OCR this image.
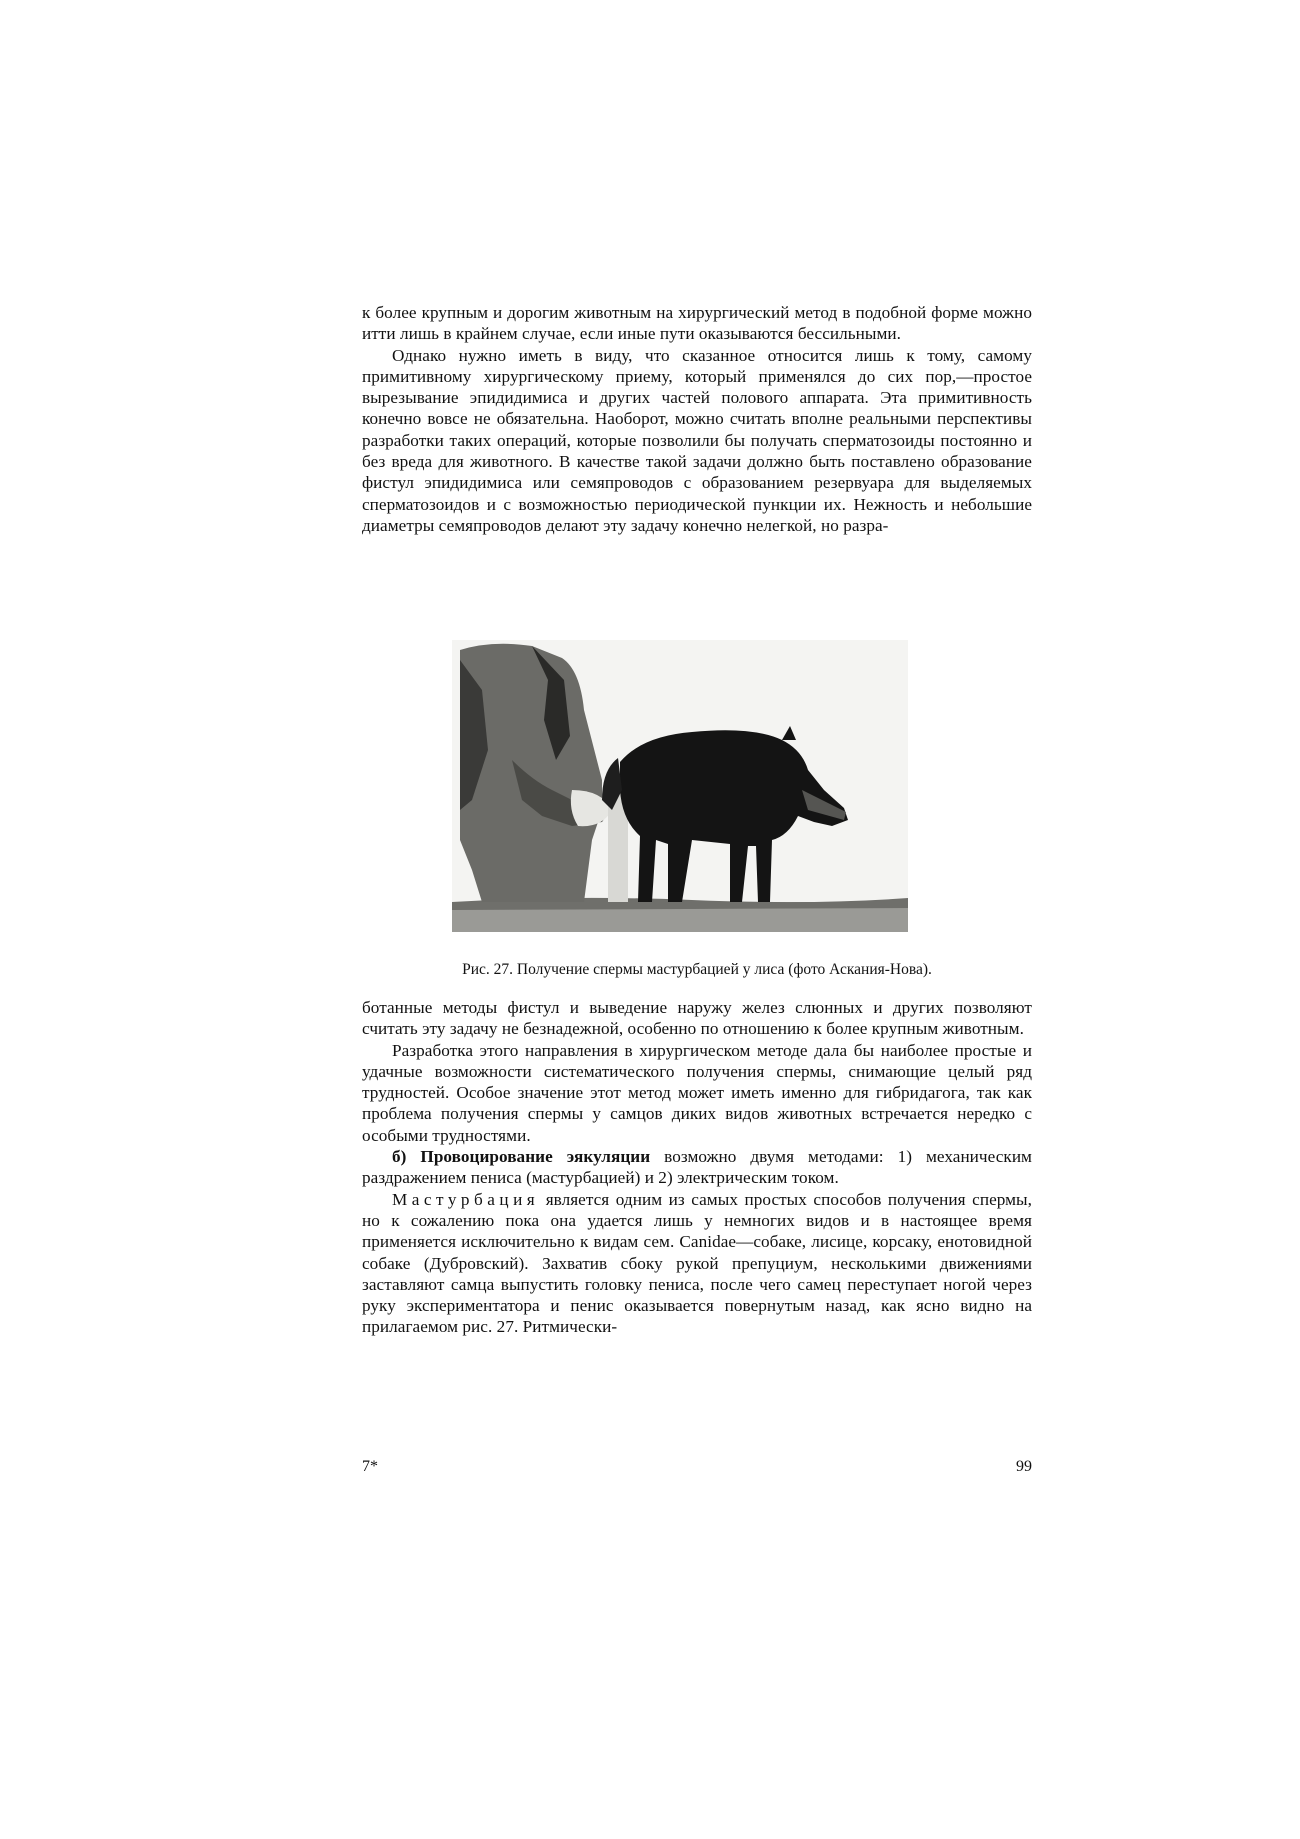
к более крупным и дорогим животным на хирургический метод в подобной форме можно итти лишь в крайнем случае, если иные пути оказываются бессильными.

Однако нужно иметь в виду, что сказанное относится лишь к тому, самому примитивному хирургическому приему, который применялся до сих пор,—простое вырезывание эпидидимиса и других частей полового аппарата. Эта примитивность конечно вовсе не обязательна. Наоборот, можно считать вполне реальными перспективы разработки таких операций, которые позволили бы получать сперматозоиды постоянно и без вреда для животного. В качестве такой задачи должно быть поставлено образование фистул эпидидимиса или семяпроводов с образованием резервуара для выделяемых сперматозоидов и с возможностью периодической пункции их. Нежность и небольшие диаметры семяпроводов делают эту задачу конечно нелегкой, но разра-

Рис. 27. Получение спермы мастурбацией у лиса (фото Аскания-Нова).

ботанные методы фистул и выведение наружу желез слюнных и других позволяют считать эту задачу не безнадежной, особенно по отношению к более крупным животным.

Разработка этого направления в хирургическом методе дала бы наиболее простые и удачные возможности систематического получения спермы, снимающие целый ряд трудностей. Особое значение этот метод может иметь именно для гибридагога, так как проблема получения спермы у самцов диких видов животных встречается нередко с особыми трудностями.

б) Провоцирование эякуляции возможно двумя методами: 1) механическим раздражением пениса (мастурбацией) и 2) электрическим током.

Мастурбация является одним из самых простых способов получения спермы, но к сожалению пока она удается лишь у немногих видов и в настоящее время применяется исключительно к видам сем. Canidae—собаке, лисице, корсаку, енотовидной собаке (Дубровский). Захватив сбоку рукой препуциум, несколькими движениями заставляют самца выпустить головку пениса, после чего самец переступает ногой через руку экспериментатора и пенис оказывается повернутым назад, как ясно видно на прилагаемом рис. 27. Ритмически-

7*	99
